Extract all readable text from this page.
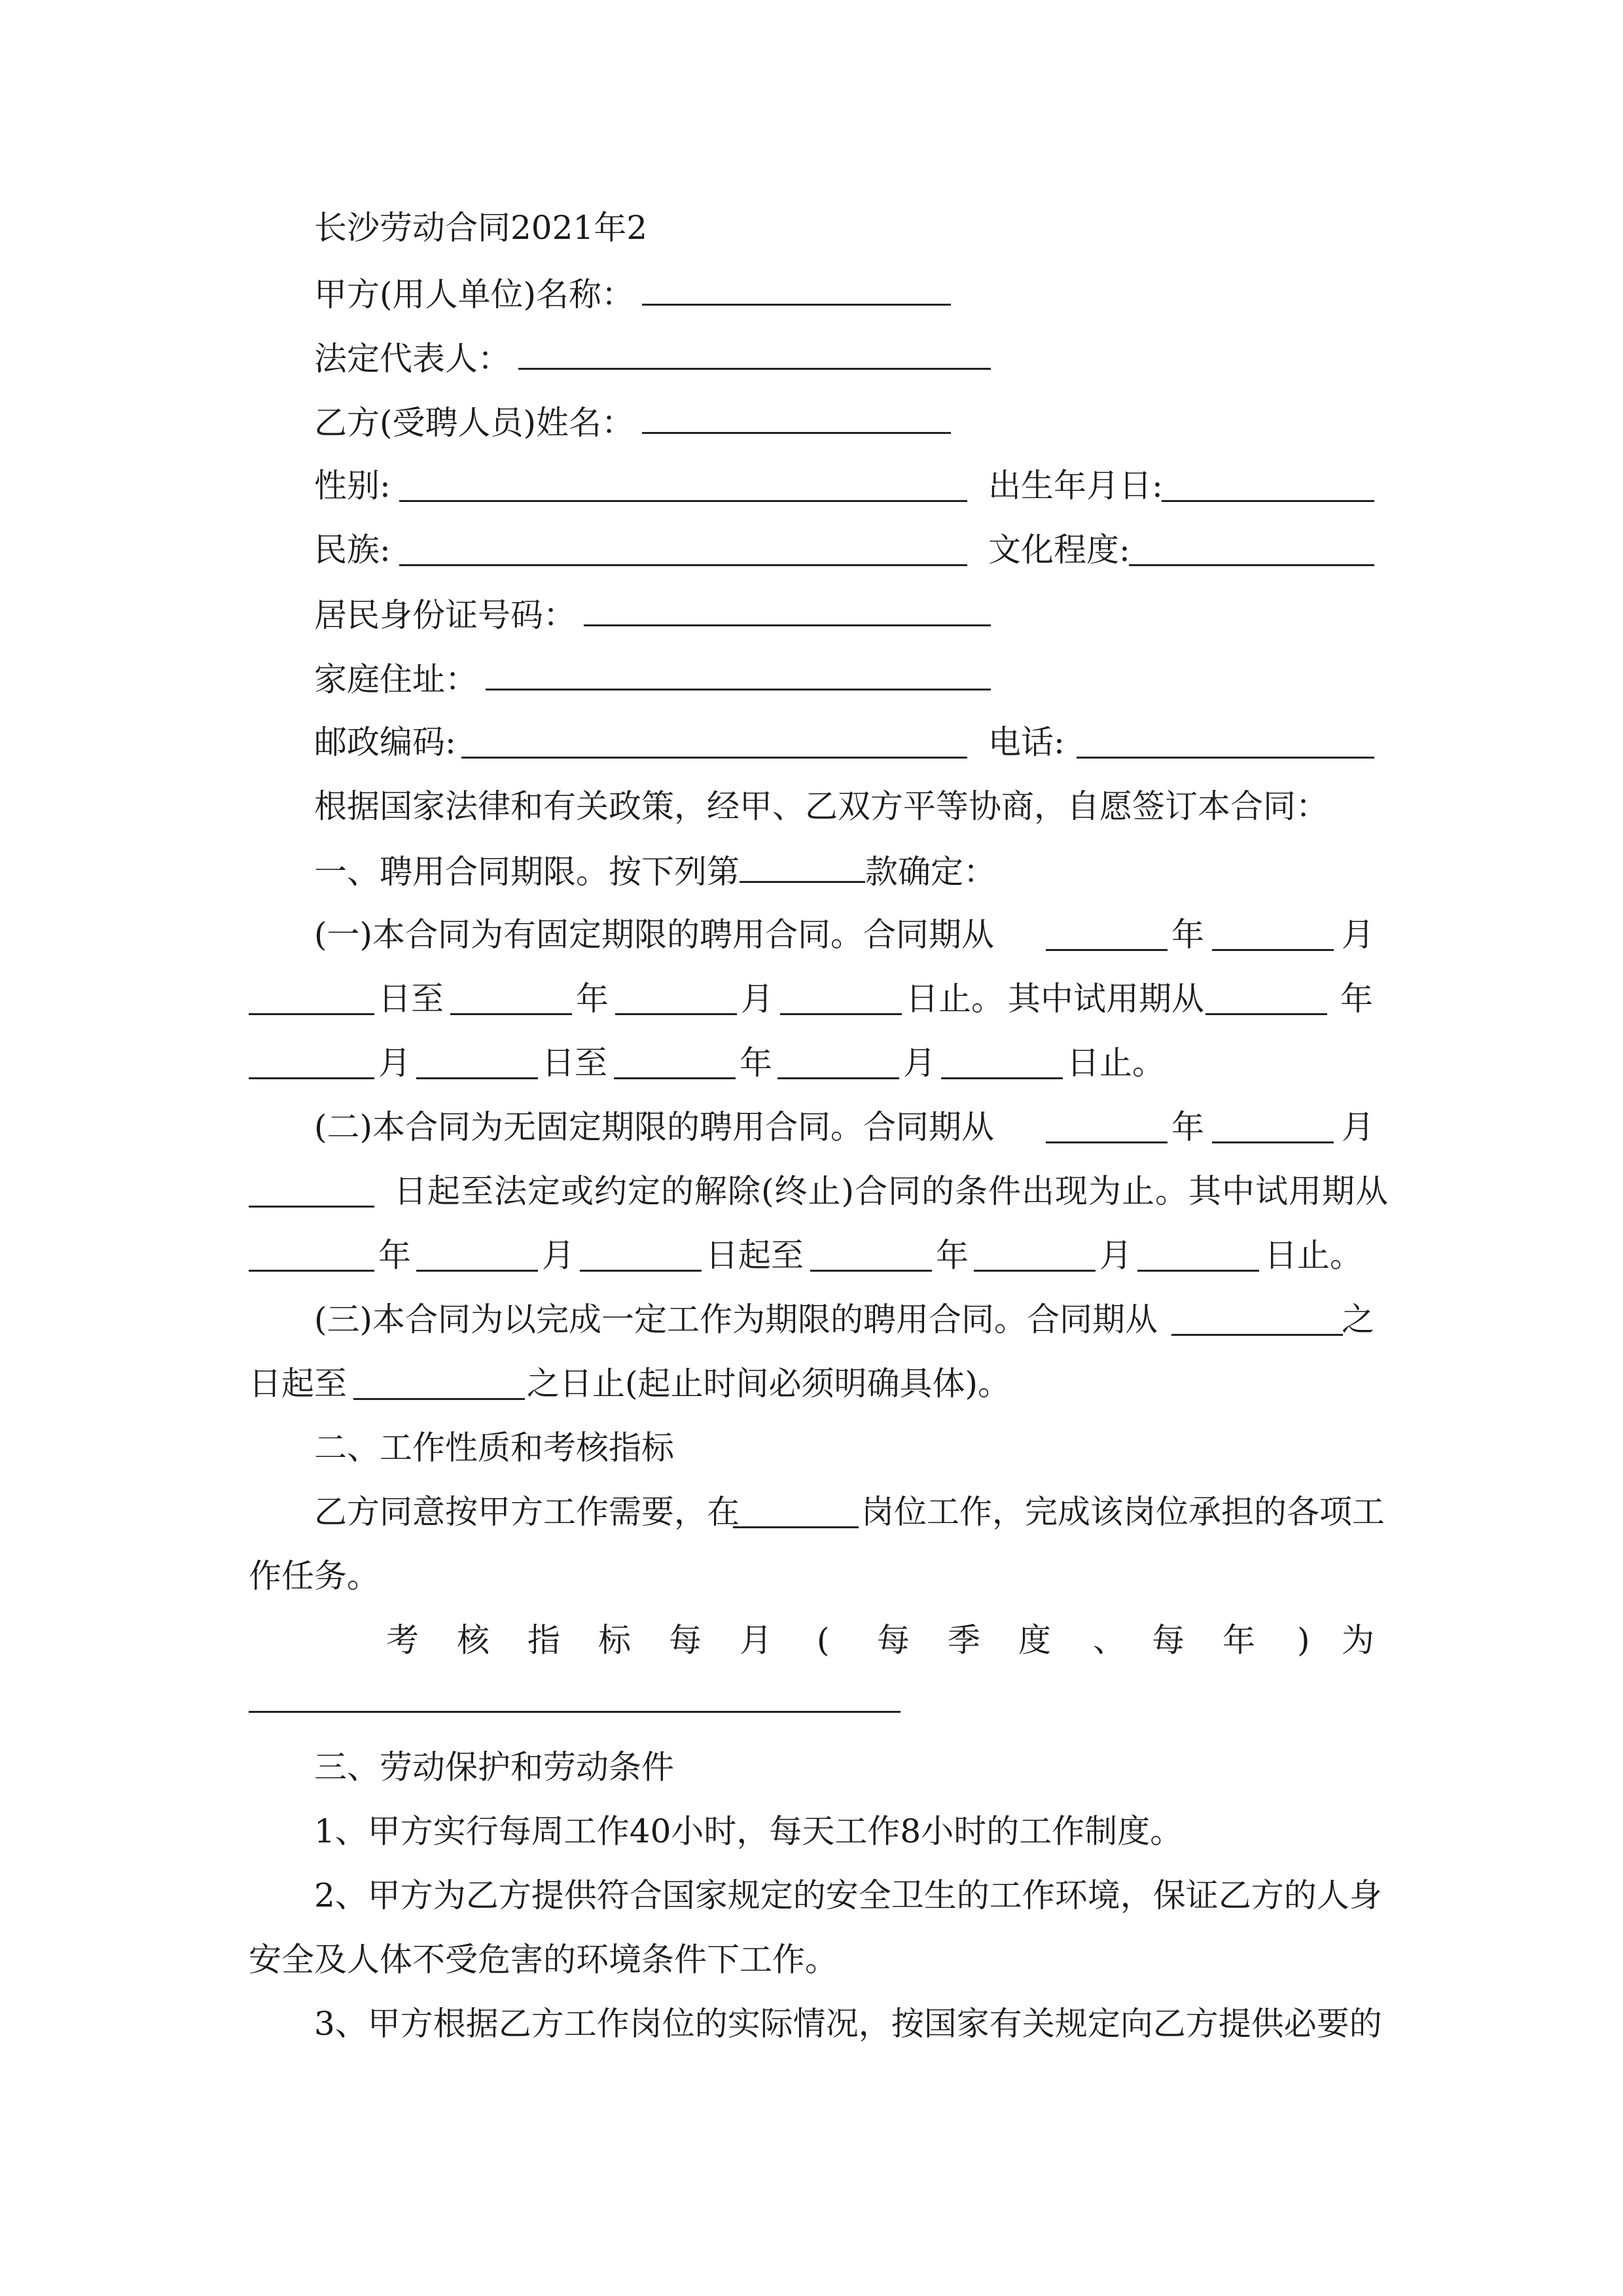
长沙劳动合同2021年2
甲方(用人单位)名称：
法定代表人：
乙方(受聘人员)姓名：
性别:	出生年月日:
民族:	文化程度:
居民身份证号码：
家庭住址：
邮政编码:	电话:
根据国家法律和有关政策，经甲、乙双方平等协商，自愿签订本合同：
一、聘用合同期限。按下列第	款确定：
(一)本合同为有固定期限的聘用合同。合同期从	年	月
日至	年	月	日止。 其中试用期从	年
月	日至	年	月	日止。
(二)本合同为无固定期限的聘用合同。合同期从	年	月
日起至法定或约定的解除(终止)合同的条件出现为止。其中试用期从
年	月	日起至	年	月	日止。
(三)本合同为以完成一定工作为期限的聘用合同。合同期从	之
日起至	之日止(起止时间必须明确具体)。
二、工作性质和考核指标
乙方同意按甲方工作需要，在	岗位工作，完成该岗位承担的各项工
作任务。
考 核 指 标 每 月 ( 每 季 度 、 每 年 ) 为
三、劳动保护和劳动条件
1、甲方实行每周工作40小时，每天工作8小时的工作制度。
2、甲方为乙方提供符合国家规定的安全卫生的工作环境，保证乙方的人身
安全及人体不受危害的环境条件下工作。
3、甲方根据乙方工作岗位的实际情况，按国家有关规定向乙方提供必要的
